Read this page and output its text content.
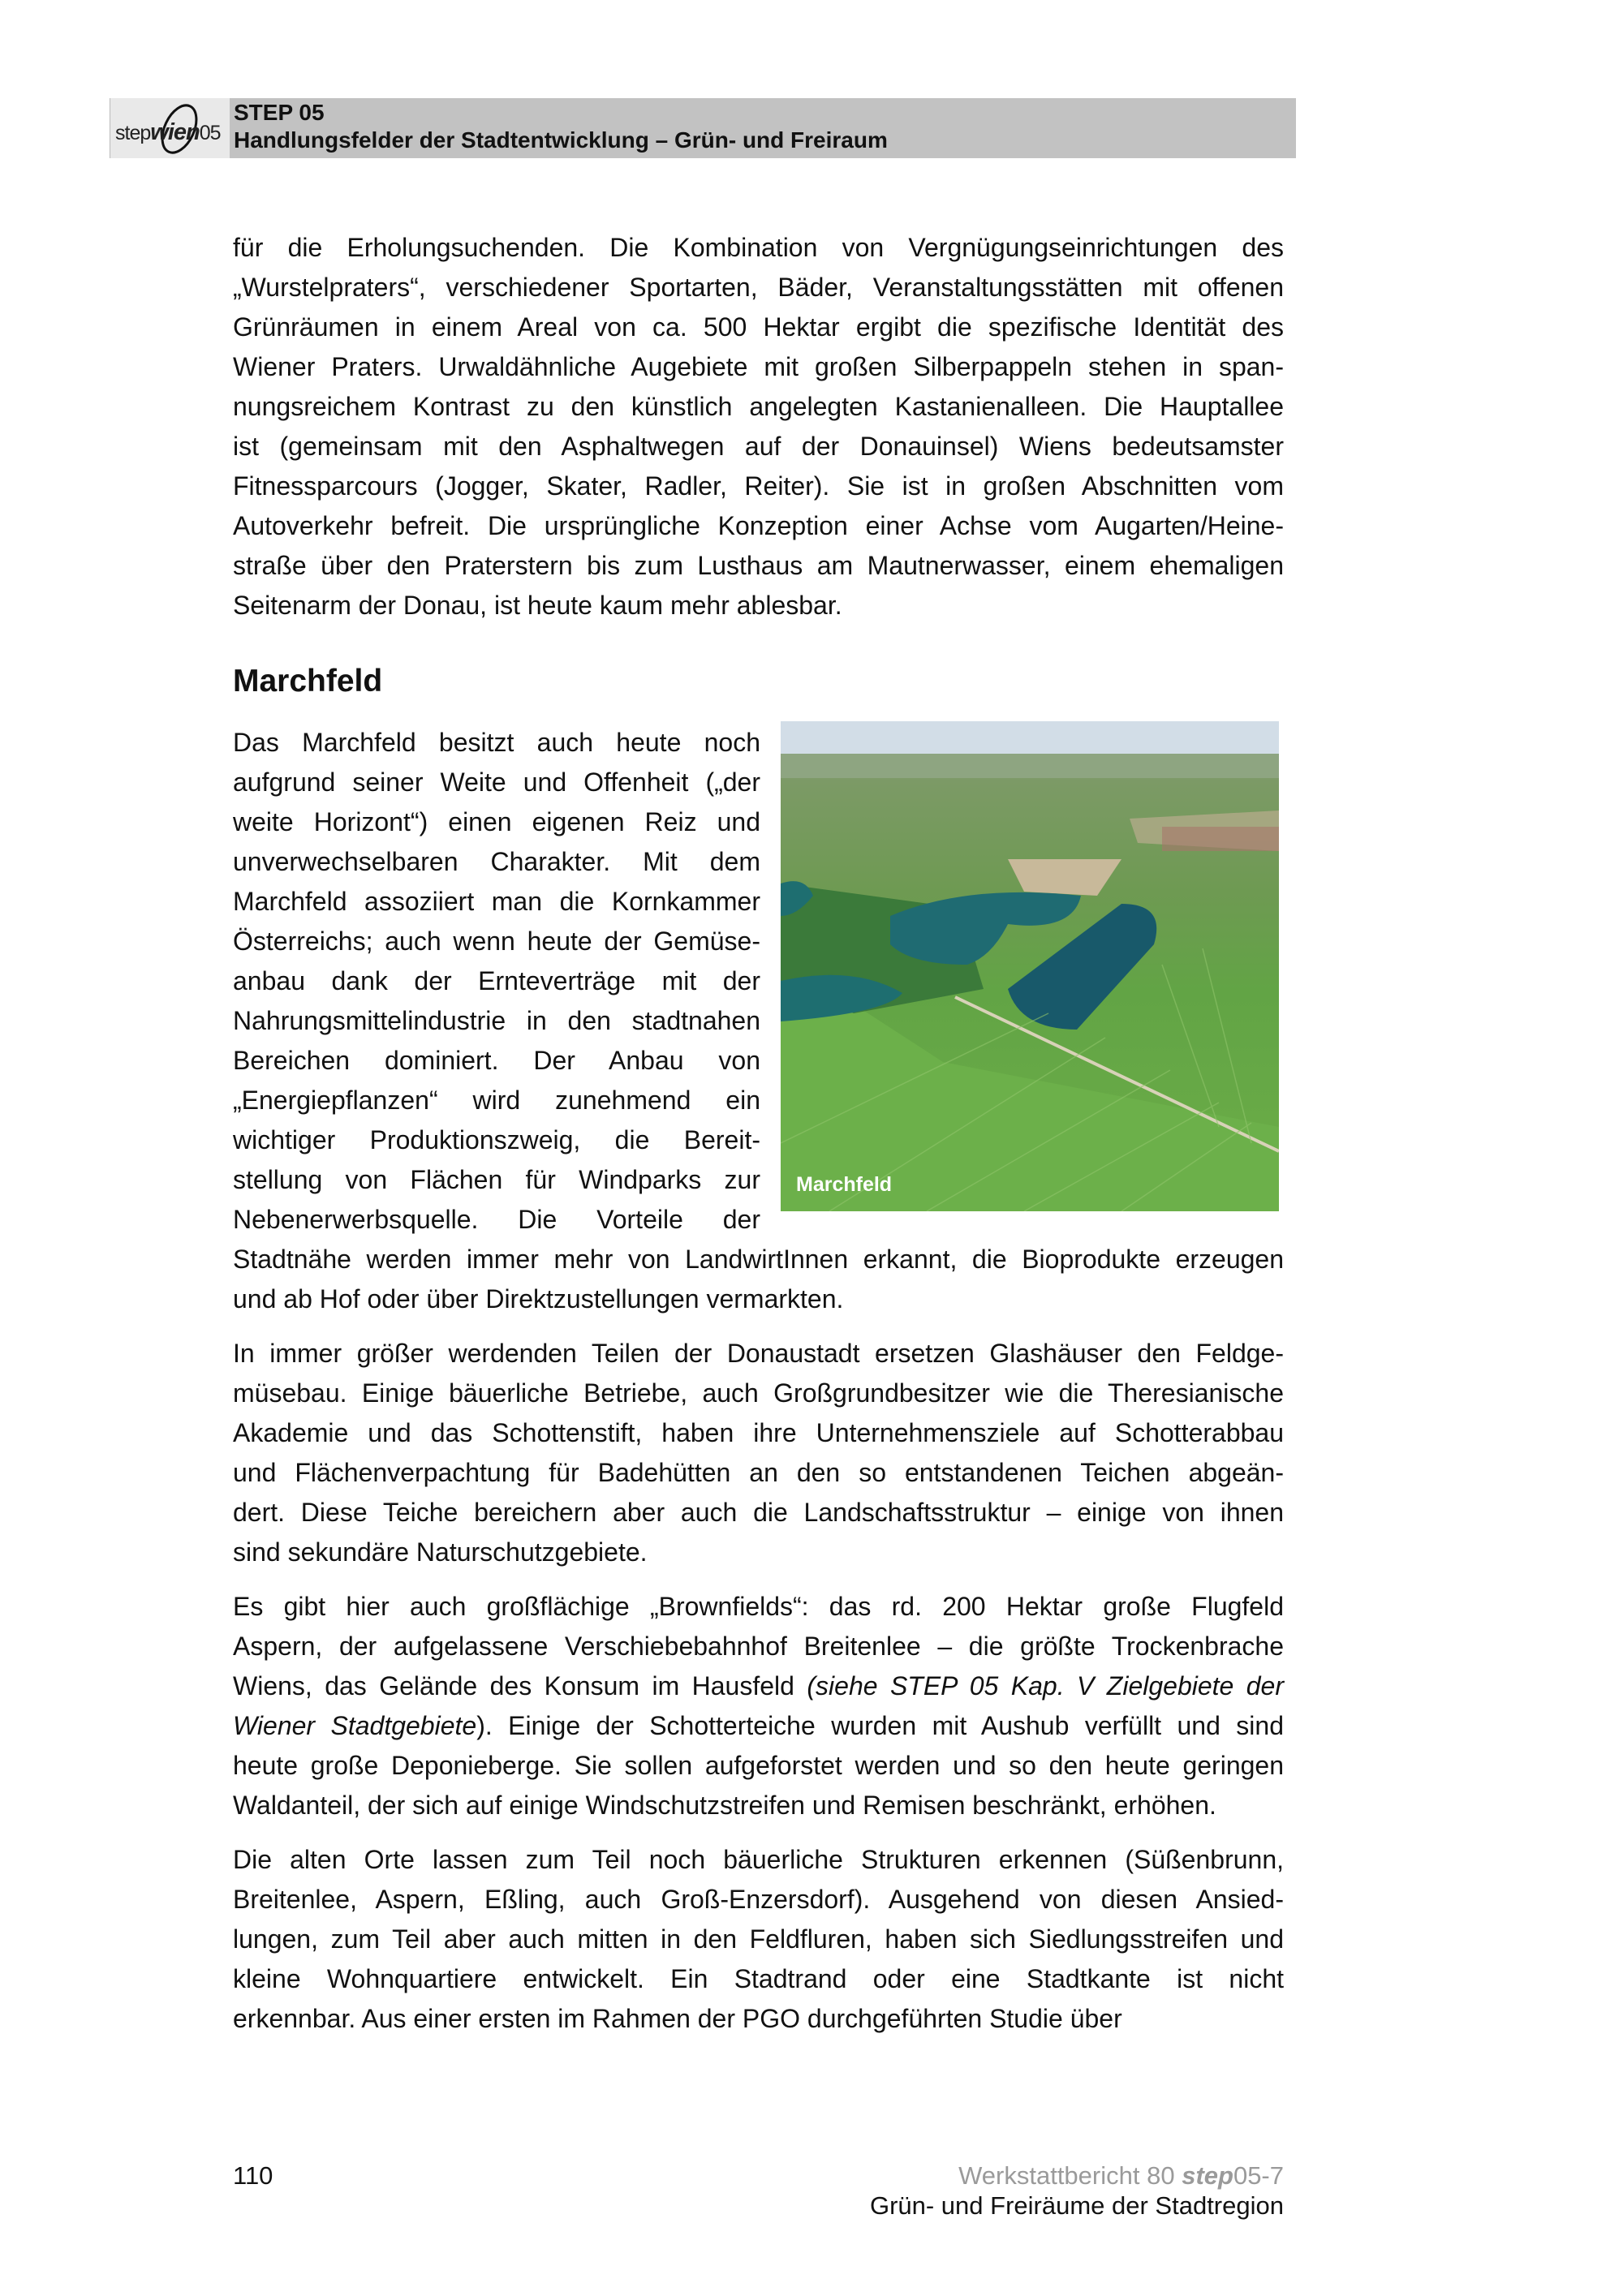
stepwien05
STEP 05
Handlungsfelder der Stadtentwicklung – Grün- und Freiraum
für die Erholungsuchenden. Die Kombination von Vergnügungseinrichtungen des
„Wurstelpraters“, verschiedener Sportarten, Bäder, Veranstaltungsstätten mit offenen
Grünräumen in einem Areal von ca. 500 Hektar ergibt die spezifische Identität des
Wiener Praters. Urwaldähnliche Augebiete mit großen Silberpappeln stehen in span-
nungsreichem Kontrast zu den künstlich angelegten Kastanienalleen. Die Hauptallee
ist (gemeinsam mit den Asphaltwegen auf der Donauinsel) Wiens bedeutsamster
Fitnessparcours (Jogger, Skater, Radler, Reiter). Sie ist in großen Abschnitten vom
Autoverkehr befreit. Die ursprüngliche Konzeption einer Achse vom Augarten/Heine-
straße über den Praterstern bis zum Lusthaus am Mautnerwasser, einem ehemaligen
Seitenarm der Donau, ist heute kaum mehr ablesbar.
Marchfeld
Das Marchfeld besitzt auch heute noch
aufgrund seiner Weite und Offenheit („der
weite Horizont“) einen eigenen Reiz und
unverwechselbaren Charakter. Mit dem
Marchfeld assoziiert man die Kornkammer
Österreichs; auch wenn heute der Gemüse-
anbau dank der Ernteverträge mit der
Nahrungsmittelindustrie in den stadtnahen
Bereichen dominiert. Der Anbau von
„Energiepflanzen“ wird zunehmend ein
wichtiger Produktionszweig, die Bereit-
stellung von Flächen für Windparks zur
Nebenerwerbsquelle. Die Vorteile der
Stadtnähe werden immer mehr von LandwirtInnen erkannt, die Bioprodukte erzeugen
und ab Hof oder über Direktzustellungen vermarkten.
In immer größer werdenden Teilen der Donaustadt ersetzen Glashäuser den Feldge-
müsebau. Einige bäuerliche Betriebe, auch Großgrundbesitzer wie die Theresianische
Akademie und das Schottenstift, haben ihre Unternehmensziele auf Schotterabbau
und Flächenverpachtung für Badehütten an den so entstandenen Teichen abgeän-
dert. Diese Teiche bereichern aber auch die Landschaftsstruktur – einige von ihnen
sind sekundäre Naturschutzgebiete.
Es gibt hier auch großflächige „Brownfields“: das rd. 200 Hektar große Flugfeld
Aspern, der aufgelassene Verschiebebahnhof Breitenlee – die größte Trockenbrache
Wiens, das Gelände des Konsum im Hausfeld (siehe STEP 05 Kap. V Zielgebiete der
Wiener Stadtgebiete). Einige der Schotterteiche wurden mit Aushub verfüllt und sind
heute große Deponieberge. Sie sollen aufgeforstet werden und so den heute geringen
Waldanteil, der sich auf einige Windschutzstreifen und Remisen beschränkt, erhöhen.
Die alten Orte lassen zum Teil noch bäuerliche Strukturen erkennen (Süßenbrunn,
Breitenlee, Aspern, Eßling, auch Groß-Enzersdorf). Ausgehend von diesen Ansied-
lungen, zum Teil aber auch mitten in den Feldfluren, haben sich Siedlungsstreifen und
kleine Wohnquartiere entwickelt. Ein Stadtrand oder eine Stadtkante ist nicht
erkennbar. Aus einer ersten im Rahmen der PGO durchgeführten Studie über
Marchfeld
110	Werkstattbericht 80 step05-7
Grün- und Freiräume der Stadtregion
